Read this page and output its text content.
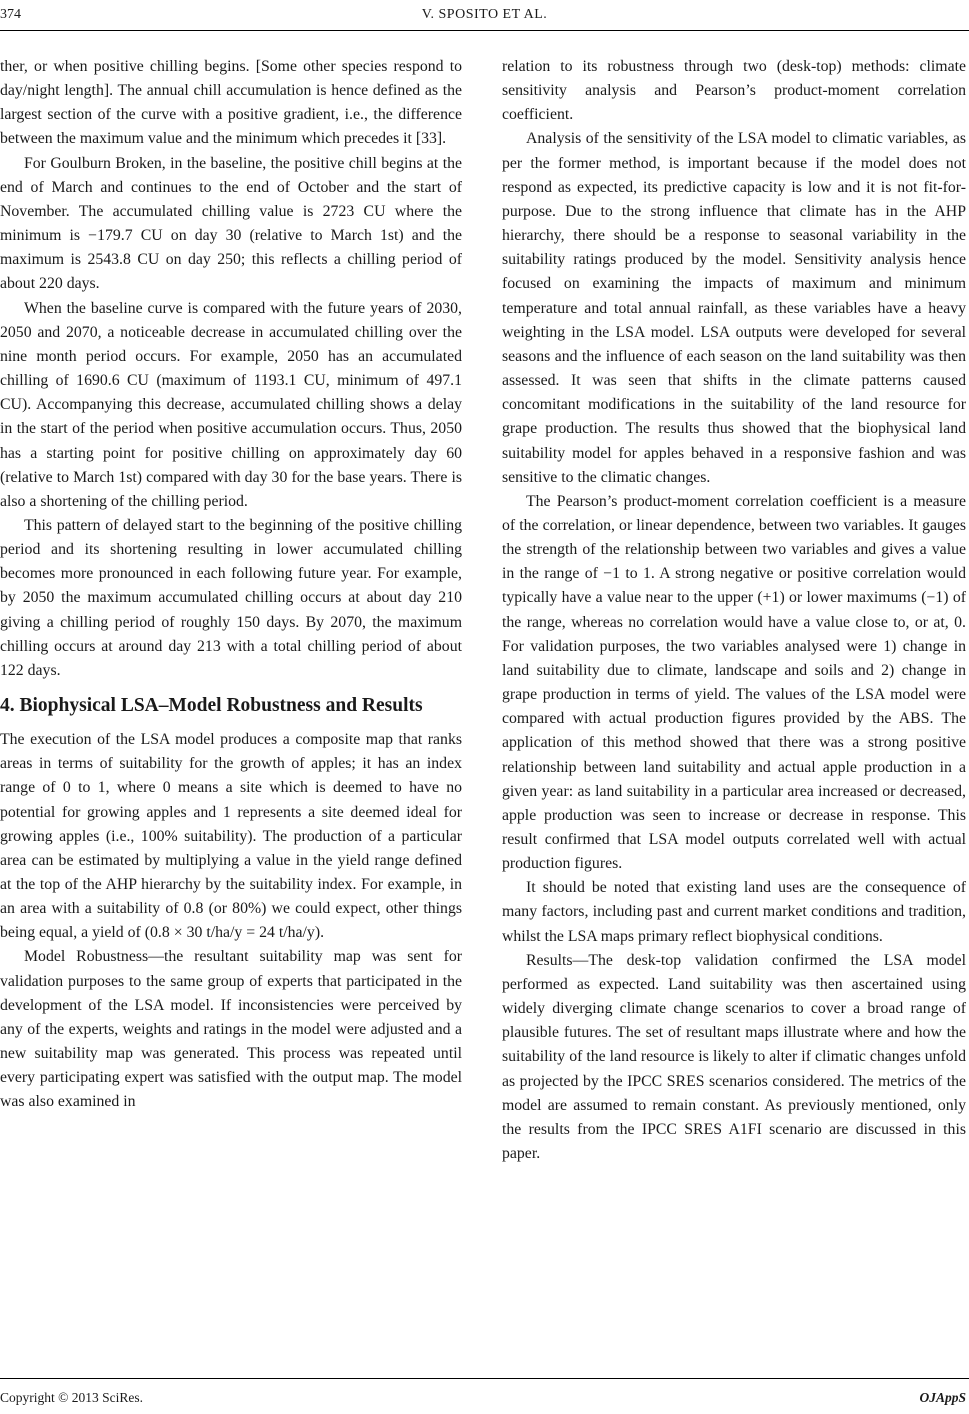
374	V. SPOSITO ET AL.

ther, or when positive chilling begins. [Some other species respond to day/night length]. The annual chill accumulation is hence defined as the largest section of the curve with a positive gradient, i.e., the difference between the maximum value and the minimum which precedes it [33].

For Goulburn Broken, in the baseline, the positive chill begins at the end of March and continues to the end of October and the start of November. The accumulated chilling value is 2723 CU where the minimum is −179.7 CU on day 30 (relative to March 1st) and the maximum is 2543.8 CU on day 250; this reflects a chilling period of about 220 days.

When the baseline curve is compared with the future years of 2030, 2050 and 2070, a noticeable decrease in accumulated chilling over the nine month period occurs. For example, 2050 has an accumulated chilling of 1690.6 CU (maximum of 1193.1 CU, minimum of 497.1 CU). Accompanying this decrease, accumulated chilling shows a delay in the start of the period when positive accumulation occurs. Thus, 2050 has a starting point for positive chilling on approximately day 60 (relative to March 1st) compared with day 30 for the base years. There is also a shortening of the chilling period.

This pattern of delayed start to the beginning of the positive chilling period and its shortening resulting in lower accumulated chilling becomes more pronounced in each following future year. For example, by 2050 the maximum accumulated chilling occurs at about day 210 giving a chilling period of roughly 150 days. By 2070, the maximum chilling occurs at around day 213 with a total chilling period of about 122 days.

4. Biophysical LSA–Model Robustness and Results

The execution of the LSA model produces a composite map that ranks areas in terms of suitability for the growth of apples; it has an index range of 0 to 1, where 0 means a site which is deemed to have no potential for growing apples and 1 represents a site deemed ideal for growing apples (i.e., 100% suitability). The production of a particular area can be estimated by multiplying a value in the yield range defined at the top of the AHP hierarchy by the suitability index. For example, in an area with a suitability of 0.8 (or 80%) we could expect, other things being equal, a yield of (0.8 × 30 t/ha/y = 24 t/ha/y).

Model Robustness—the resultant suitability map was sent for validation purposes to the same group of experts that participated in the development of the LSA model. If inconsistencies were perceived by any of the experts, weights and ratings in the model were adjusted and a new suitability map was generated. This process was repeated until every participating expert was satisfied with the output map. The model was also examined in

relation to its robustness through two (desk-top) methods: climate sensitivity analysis and Pearson’s product-moment correlation coefficient.

Analysis of the sensitivity of the LSA model to climatic variables, as per the former method, is important because if the model does not respond as expected, its predictive capacity is low and it is not fit-for-purpose. Due to the strong influence that climate has in the AHP hierarchy, there should be a response to seasonal variability in the suitability ratings produced by the model. Sensitivity analysis hence focused on examining the impacts of maximum and minimum temperature and total annual rainfall, as these variables have a heavy weighting in the LSA model. LSA outputs were developed for several seasons and the influence of each season on the land suitability was then assessed. It was seen that shifts in the climate patterns caused concomitant modifications in the suitability of the land resource for grape production. The results thus showed that the biophysical land suitability model for apples behaved in a responsive fashion and was sensitive to the climatic changes.

The Pearson’s product-moment correlation coefficient is a measure of the correlation, or linear dependence, between two variables. It gauges the strength of the relationship between two variables and gives a value in the range of −1 to 1. A strong negative or positive correlation would typically have a value near to the upper (+1) or lower maximums (−1) of the range, whereas no correlation would have a value close to, or at, 0. For validation purposes, the two variables analysed were 1) change in land suitability due to climate, landscape and soils and 2) change in grape production in terms of yield. The values of the LSA model were compared with actual production figures provided by the ABS. The application of this method showed that there was a strong positive relationship between land suitability and actual apple production in a given year: as land suitability in a particular area increased or decreased, apple production was seen to increase or decrease in response. This result confirmed that LSA model outputs correlated well with actual production figures.

It should be noted that existing land uses are the consequence of many factors, including past and current market conditions and tradition, whilst the LSA maps primary reflect biophysical conditions.

Results—The desk-top validation confirmed the LSA model performed as expected. Land suitability was then ascertained using widely diverging climate change scenarios to cover a broad range of plausible futures. The set of resultant maps illustrate where and how the suitability of the land resource is likely to alter if climatic changes unfold as projected by the IPCC SRES scenarios considered. The metrics of the model are assumed to remain constant. As previously mentioned, only the results from the IPCC SRES A1FI scenario are discussed in this paper.

Copyright © 2013 SciRes.	OJAppS
